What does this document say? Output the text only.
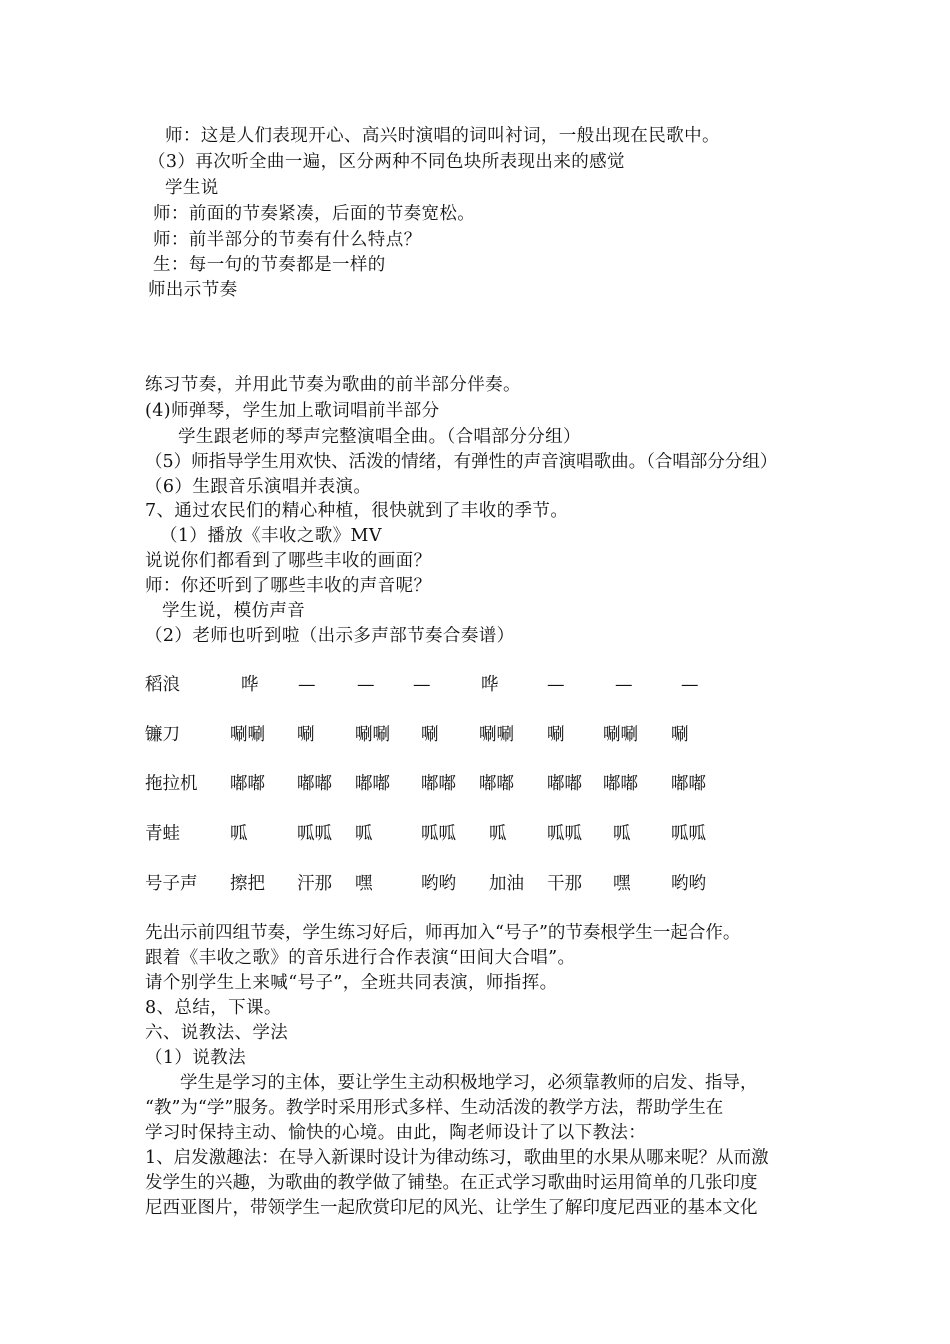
师：这是人们表现开心、高兴时演唱的词叫衬词，一般出现在民歌中。
（3）再次听全曲一遍，区分两种不同色块所表现出来的感觉
学生说
师：前面的节奏紧凑，后面的节奏宽松。
师：前半部分的节奏有什么特点？
生：每一句的节奏都是一样的
师出示节奏
练习节奏，并用此节奏为歌曲的前半部分伴奏。
(4)师弹琴，学生加上歌词唱前半部分
学生跟老师的琴声完整演唱全曲。（合唱部分分组）
（5）师指导学生用欢快、活泼的情绪，有弹性的声音演唱歌曲。（合唱部分分组）
（6）生跟音乐演唱并表演。
7、通过农民们的精心种植，很快就到了丰收的季节。
（1）播放《丰收之歌》MV
说说你们都看到了哪些丰收的画面？
师：你还听到了哪些丰收的声音呢？
学生说，模仿声音
（2）老师也听到啦（出示多声部节奏合奏谱）
稻浪	哗 — — —	哗	—	—	—
镰刀	唰唰 唰 唰唰 唰 唰唰 唰 唰唰 唰
拖拉机 嘟嘟 嘟嘟 嘟嘟 嘟嘟 嘟嘟 嘟嘟 嘟嘟 嘟嘟
青蛙	呱	呱呱 呱	呱呱 呱 呱呱 呱 呱呱
号子声 擦把 汗那 嘿	哟哟 加油 干那 嘿 哟哟
先出示前四组节奏，学生练习好后，师再加入“号子”的节奏根学生一起合作。
跟着《丰收之歌》的音乐进行合作表演“田间大合唱”。
请个别学生上来喊“号子”，全班共同表演，师指挥。
8、总结，下课。
六、说教法、学法
（1）说教法
学生是学习的主体，要让学生主动积极地学习，必须靠教师的启发、指导，
“教”为“学”服务。教学时采用形式多样、生动活泼的教学方法，帮助学生在
学习时保持主动、愉快的心境。由此，陶老师设计了以下教法：
1、启发激趣法：在导入新课时设计为律动练习，歌曲里的水果从哪来呢？从而激
发学生的兴趣，为歌曲的教学做了铺垫。在正式学习歌曲时运用简单的几张印度
尼西亚图片，带领学生一起欣赏印尼的风光、让学生了解印度尼西亚的基本文化
